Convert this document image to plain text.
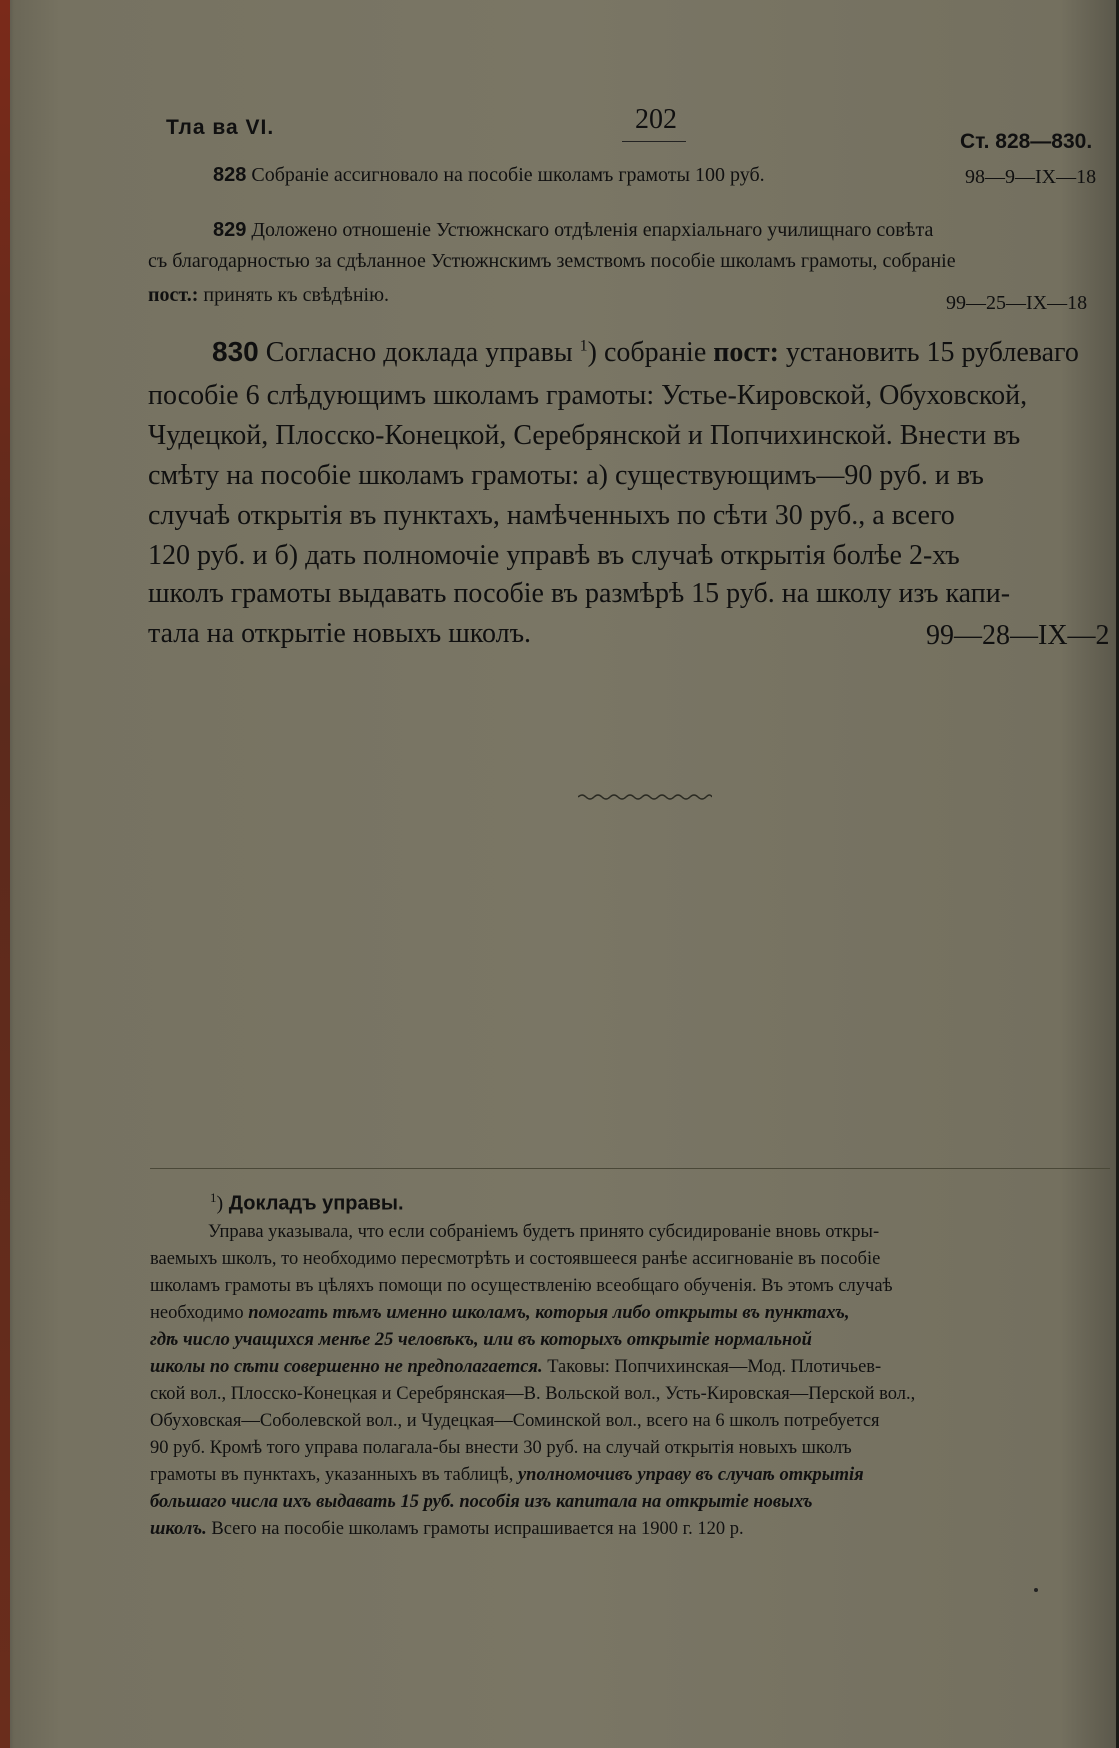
Тла ва VI.	202
Ст. 828—830.
828 Собраніе ассигновало на пособіе школамъ грамоты 100 руб.	98—9—IX—18
829 Доложено отношеніе Устюжнскаго отдѣленія епархіальнаго училищнаго совѣта
съ благодарностью за сдѣланное Устюжнскимъ земствомъ пособіе школамъ грамоты, собраніе
пост.: принять къ свѣдѣнію.	99—25—IX—18
830 Согласно доклада управы $^1$) собраніе пост: установить 15 рублеваго
пособіе 6 слѣдующимъ школамъ грамоты: Устье-Кировской, Обуховской,
Чудецкой, Плосско-Конецкой, Серебрянской и Попчихинской. Внести въ
смѣту на пособіе школамъ грамоты: а) существующимъ—90 руб. и въ
случаѣ открытія въ пунктахъ, намѣченныхъ по сѣти 30 руб., а всего
120 руб. и б) дать полномочіе управѣ въ случаѣ открытія болѣе 2-хъ
школъ грамоты выдавать пособіе въ размѣрѣ 15 руб. на школу изъ капи-
тала на открытіе новыхъ школъ.	99—28—IX—2
$^1$) Докладъ управы.
Управа указывала, что если собраніемъ будетъ принято субсидированіе вновь откры-
ваемыхъ школъ, то необходимо пересмотрѣть и состоявшееся ранѣе ассигнованіе въ пособіе
школамъ грамоты въ цѣляхъ помощи по осуществленію всеобщаго обученія. Въ этомъ случаѣ
необходимо помогать тѣмъ именно школамъ, которыя либо открыты въ пунктахъ,
гдѣ число учащихся менѣе 25 человѣкъ, или въ которыхъ открытіе нормальной
школы по сѣти совершенно не предполагается. Таковы: Попчихинская—Мод. Плотичьев-
ской вол., Плосско-Конецкая и Серебрянская—В. Вольской вол., Усть-Кировская—Перской вол.,
Обуховская—Соболевской вол., и Чудецкая—Соминской вол., всего на 6 школъ потребуется
90 руб. Кромѣ того управа полагала-бы внести 30 руб. на случай открытія новыхъ школъ
грамоты въ пунктахъ, указанныхъ въ таблицѣ, уполномочивъ управу въ случаѣ открытія
большаго числа ихъ выдавать 15 руб. пособія изъ капитала на открытіе новыхъ
школъ. Всего на пособіе школамъ грамоты испрашивается на 1900 г. 120 р.
